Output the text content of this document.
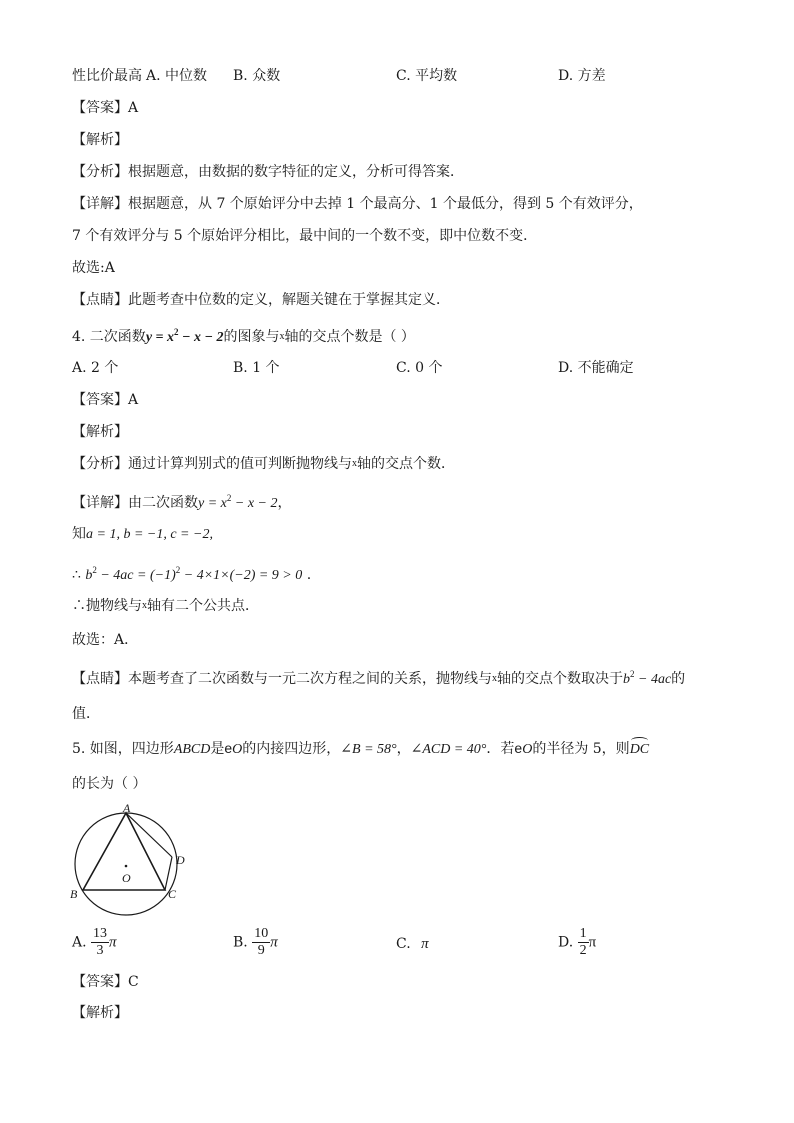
性比价最高 A. 中位数 B. 众数	C. 平均数	D. 方差
【答案】A
【解析】
【分析】根据题意，由数据的数字特征的定义，分析可得答案．
【详解】根据题意，从 7 个原始评分中去掉 1 个最高分、1 个最低分，得到 5 个有效评分，
7 个有效评分与 5 个原始评分相比，最中间的一个数不变，即中位数不变．
故选:A
【点睛】此题考查中位数的定义，解题关键在于掌握其定义．
4. 二次函数$y = x^2 - x - 2$的图象与x轴的交点个数是（ ）
A. 2 个	B. 1 个	C. 0 个	D. 不能确定
【答案】A
【解析】
【分析】通过计算判别式的值可判断抛物线与x轴的交点个数．
【详解】由二次函数$y = x^2 - x - 2$，
知a = 1, b = −1, c = −2,
∴ $b^2 - 4ac = (-1)^2 - 4\times 1\times(-2) = 9 > 0$ .
∴抛物线与x轴有二个公共点．
故选：A．
【点睛】本题考查了二次函数与一元二次方程之间的关系，抛物线与x轴的交点个数取决于$b^2 - 4ac$的
值．
5. 如图，四边形ABCD是eO的内接四边形，∠B = 58°，∠ACD = 40°．若eO的半径为 5，则DC
的长为（ ）
A
B	C
D
O
A. $\frac{13}{3}$ π	B. $\frac{10}{9}$ π	C. π	D. $\frac{1}{2}$ π
【答案】C
【解析】
